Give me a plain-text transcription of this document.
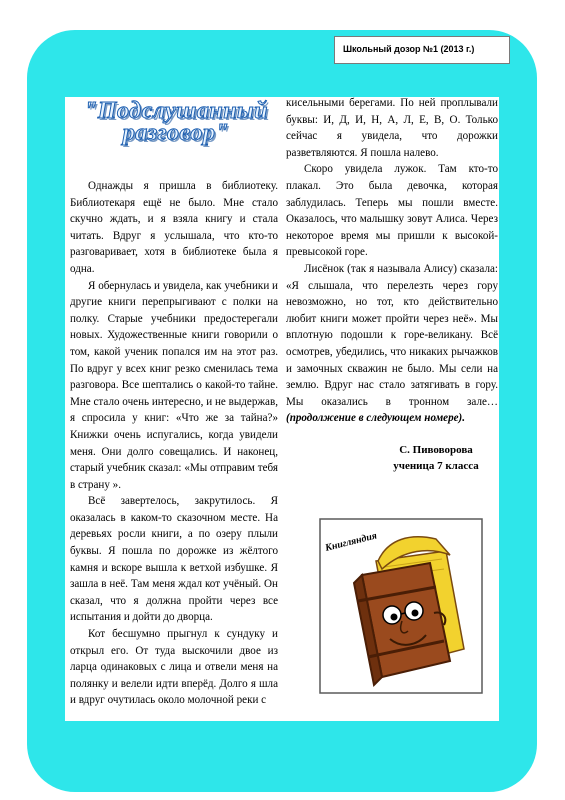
Школьный дозор №1 (2013 г.)
"Подслушанный
разговор"

Однажды я пришла в библиотеку. Библиотекаря ещё не было. Мне стало скучно ждать, и я взяла книгу и стала читать. Вдруг я услышала, что кто-то разговаривает, хотя в библиотеке была я одна.

Я обернулась и увидела, как учебники и другие книги перепрыгивают с полки на полку. Старые учебники предостерегали новых. Художественные книги говорили о том, какой ученик попался им на этот раз. По вдруг у всех книг резко сменилась тема разговора. Все шептались о какой-то тайне. Мне стало очень интересно, и не выдержав, я спросила у книг: «Что же за тайна?» Книжки очень испугались, когда увидели меня. Они долго совещались. И наконец, старый учебник сказал: «Мы отправим тебя в страну ».

Всё завертелось, закрутилось. Я оказалась в каком-то сказочном месте. На деревьях росли книги, а по озеру плыли буквы. Я пошла по дорожке из жёлтого камня и вскоре вышла к ветхой избушке. Я зашла в неё. Там меня ждал кот учёный. Он сказал, что я должна пройти через все испытания и дойти до дворца.

Кот бесшумно прыгнул к сундуку и открыл его. От туда выскочили двое из ларца одинаковых с лица и отвели меня на полянку и велели идти вперёд. Долго я шла и вдруг очутилась около молочной реки с

кисельными берегами. По ней проплывали буквы: И, Д, И, Н, А, Л, Е, В, О. Только сейчас я увидела, что дорожки разветвляются. Я пошла налево.

Скоро увидела лужок. Там кто-то плакал. Это была девочка, которая заблудилась. Теперь мы пошли вместе. Оказалось, что малышку зовут Алиса. Через некоторое время мы пришли к высокой-превысокой горе.

Лисёнок (так я называла Алису) сказала: «Я слышала, что перелезть через гору невозможно, но тот, кто действительно любит книги может пройти через неё». Мы вплотную подошли к горе-великану. Всё осмотрев, убедились, что никаких рычажков и замочных скважин не было. Мы сели на землю. Вдруг нас стало затягивать в гору. Мы оказались в тронном зале… (продолжение в следующем номере).

С. Пивоворова
ученица 7 класса
Книгляндия
